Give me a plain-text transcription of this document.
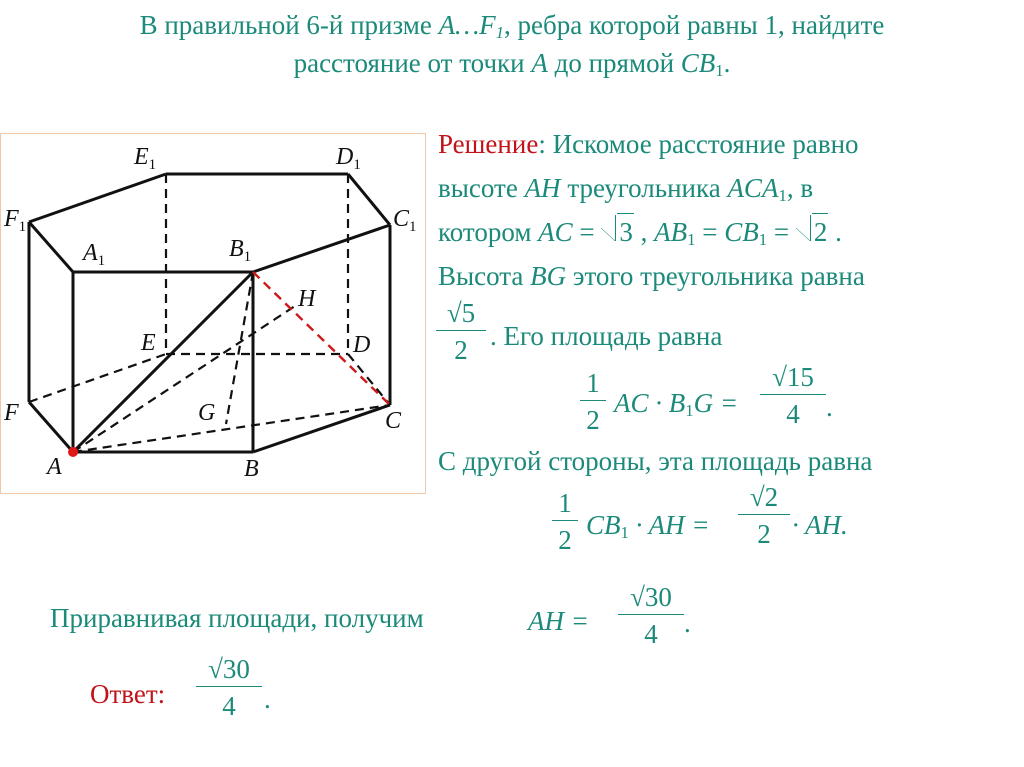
В правильной 6-й призме $A\dots F_1$, ребра которой равны 1, найдите
расстояние от точки A до прямой $CB_1$.
$E_1$	$D_1$
$F_1$	$C_1$
$A_1$	$B_1$
H
E	D
F	G	C
A	B
Решение: Искомое расстояние равно
высоте AH треугольника $ACA_1$, в
котором AC = 3 , $AB_1 = CB_1 = 2$ .
Высота BG этого треугольника равна
$\frac{√5}{2}$ . Его площадь равна
$\frac{1}{2}$ AC · $B_1G = \frac{√15}{4}$ .
С другой стороны, эта площадь равна
$\frac{1}{2} CB_1$ · AH = $\frac{√2}{2}$ · AH.
Приравнивая площади, получим	AH = $\frac{√30}{4}$ .
Ответ: $\frac{√30}{4}$ .
